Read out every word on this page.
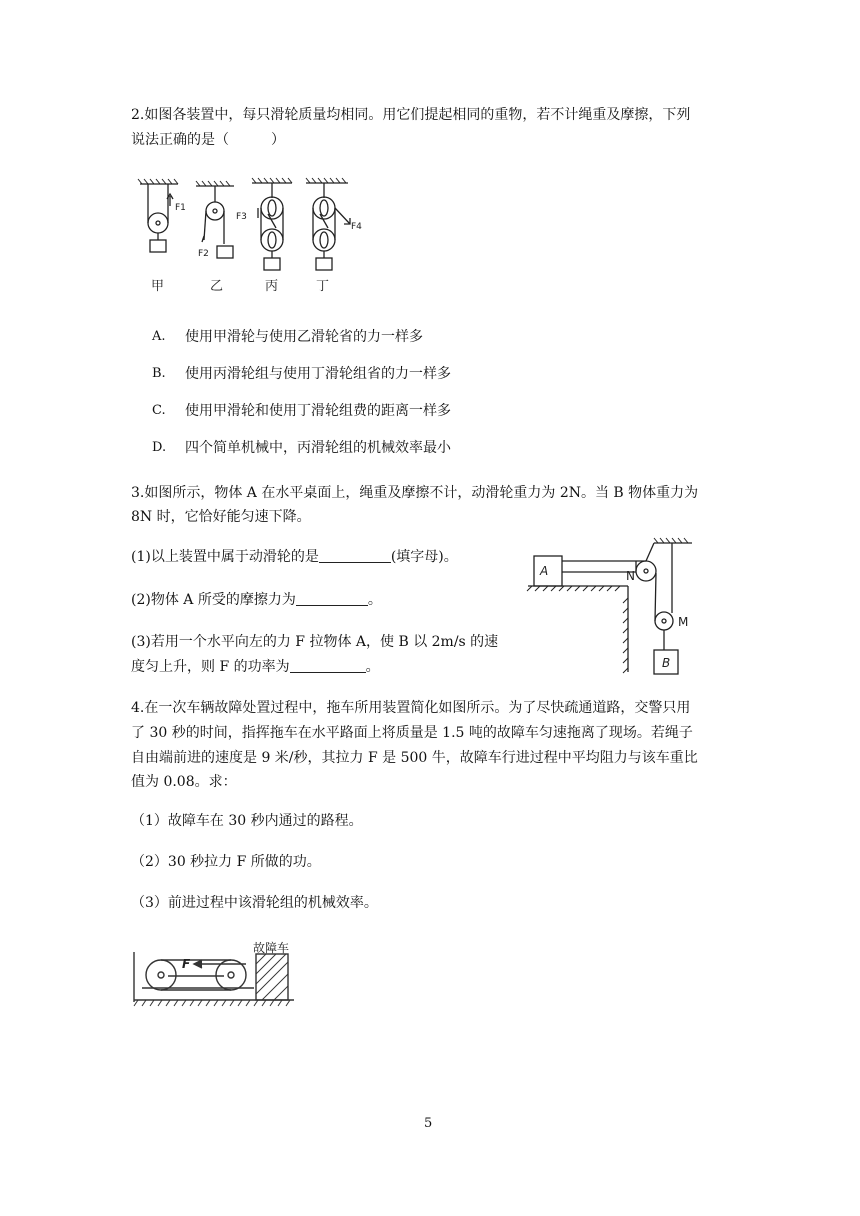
2.如图各装置中，每只滑轮质量均相同。用它们提起相同的重物，若不计绳重及摩擦，下列
说法正确的是（　　　）
F1
F2
F3
F4
甲	乙	丙	丁
A. 使用甲滑轮与使用乙滑轮省的力一样多
B. 使用丙滑轮组与使用丁滑轮组省的力一样多
C. 使用甲滑轮和使用丁滑轮组费的距离一样多
D. 四个简单机械中，丙滑轮组的机械效率最小
3.如图所示，物体 A 在水平桌面上，绳重及摩擦不计，动滑轮重力为 2N。当 B 物体重力为
8N 时，它恰好能匀速下降。
(1)以上装置中属于动滑轮的是	(填字母)。
(2)物体 A 所受的摩擦力为	。
(3)若用一个水平向左的力 F 拉物体 A，使 B 以 2m/s 的速
度匀上升，则 F 的功率为	。
A	N
M
B
4.在一次车辆故障处置过程中，拖车所用装置简化如图所示。为了尽快疏通道路，交警只用
了 30 秒的时间，指挥拖车在水平路面上将质量是 1.5 吨的故障车匀速拖离了现场。若绳子
自由端前进的速度是 9 米/秒，其拉力 F 是 500 牛，故障车行进过程中平均阻力与该车重比
值为 0.08。求：
（1）故障车在 30 秒内通过的路程。
（2）30 秒拉力 F 所做的功。
（3）前进过程中该滑轮组的机械效率。
F
故障车
5
